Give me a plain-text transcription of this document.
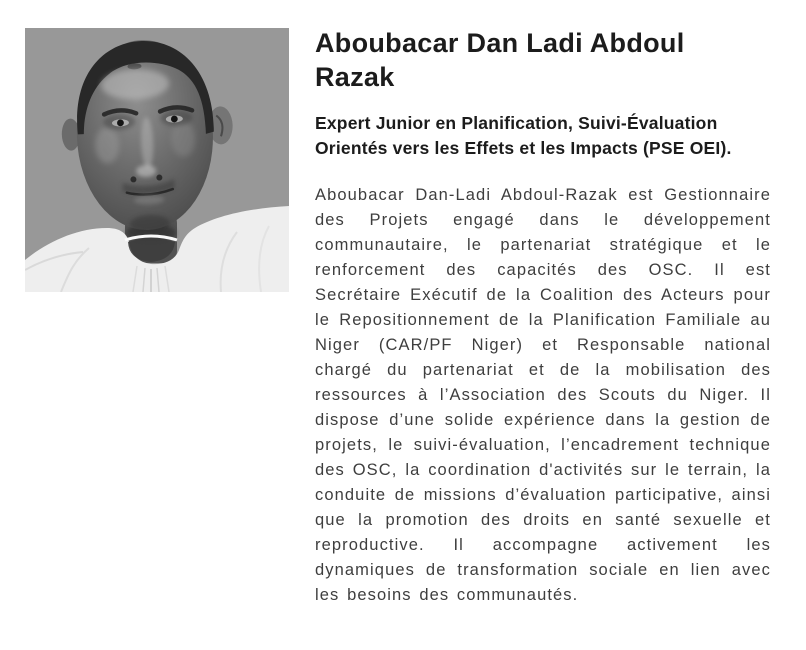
Aboubacar Dan Ladi Abdoul Razak

Expert Junior en Planification, Suivi-Évaluation Orientés vers les Effets et les Impacts (PSE OEI).

Aboubacar Dan-Ladi Abdoul-Razak est Gestionnaire des Projets engagé dans le développement communautaire, le partenariat stratégique et le renforcement des capacités des OSC. Il est Secrétaire Exécutif de la Coalition des Acteurs pour le Repositionnement de la Planification Familiale au Niger (CAR/PF Niger) et Responsable national chargé du partenariat et de la mobilisation des ressources à l’Association des Scouts du Niger. Il dispose d’une solide expérience dans la gestion de projets, le suivi-évaluation, l’encadrement technique des OSC, la coordination d'activités sur le terrain, la conduite de missions d’évaluation participative, ainsi que la promotion des droits en santé sexuelle et reproductive. Il accompagne activement les dynamiques de transformation sociale en lien avec les besoins des communautés.
